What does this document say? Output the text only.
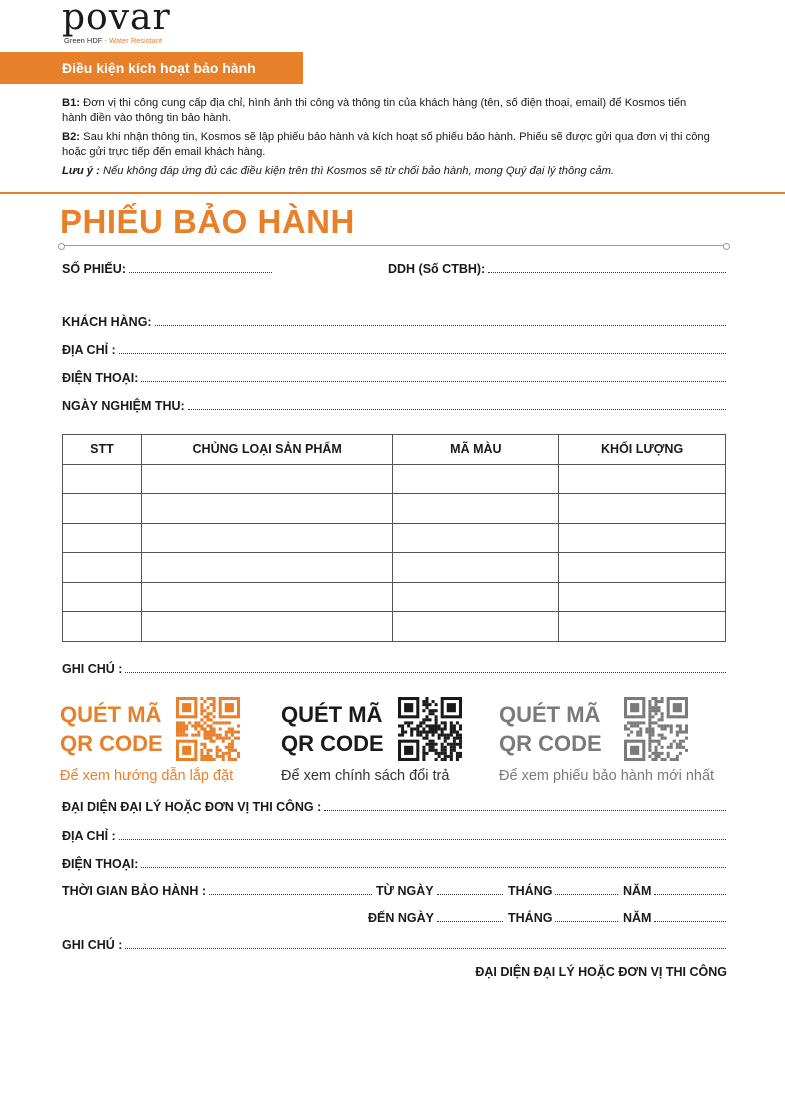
povar
Green HDF - Water Resistant
Điều kiện kích hoạt bảo hành

B1: Đơn vị thi công cung cấp địa chỉ, hình ảnh thi công và thông tin của khách hàng (tên, số điện thoại, email) để Kosmos tiến hành điền vào thông tin bảo hành.

B2: Sau khi nhận thông tin, Kosmos sẽ lập phiếu bảo hành và kích hoạt số phiếu bảo hành. Phiếu sẽ được gửi qua đơn vị thi công hoặc gửi trực tiếp đến email khách hàng.

Lưu ý : Nếu không đáp ứng đủ các điều kiện trên thì Kosmos sẽ từ chối bảo hành, mong Quý đại lý thông cảm.

PHIẾU BẢO HÀNH
SỐ PHIẾU:	DDH (Số CTBH):
KHÁCH HÀNG:
ĐỊA CHỈ :
ĐIỆN THOẠI:
NGÀY NGHIỆM THU:
STT	CHỦNG LOẠI SẢN PHẨM	MÃ MÀU	KHỐI LƯỢNG

GHI CHÚ :
QUÉT MÃ
QR CODE
Để xem hướng dẫn lắp đặt
QUÉT MÃ
QR CODE
Để xem chính sách đổi trả
QUÉT MÃ
QR CODE
Để xem phiếu bảo hành mới nhất
ĐẠI DIỆN ĐẠI LÝ HOẶC ĐƠN VỊ THI CÔNG :
ĐỊA CHỈ :
ĐIỆN THOẠI:
THỜI GIAN BẢO HÀNH :	TỪ NGÀY	THÁNG	NĂM
ĐẾN NGÀY	THÁNG	NĂM
GHI CHÚ :
ĐẠI DIỆN ĐẠI LÝ HOẶC ĐƠN VỊ THI CÔNG
